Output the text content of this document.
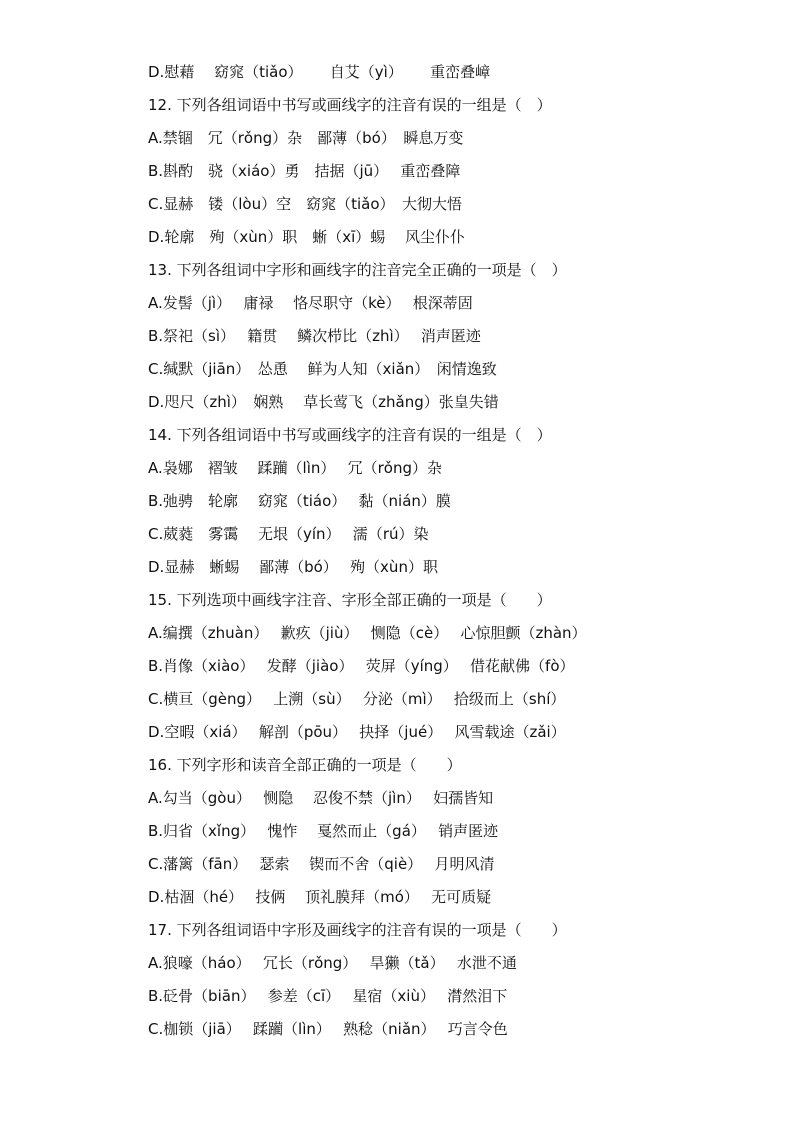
D.慰藉　 窈窕（tiǎo）　　 自艾（yì）　　 重峦叠嶂
12. 下列各组词语中书写或画线字的注音有误的一组是（　）
A.禁锢　冗（rǒng）杂　鄙薄（bó）　瞬息万变
B.斟酌　骁（xiáo）勇　拮据（jū）　 重峦叠障
C.显赫　镂（lòu）空　窈窕（tiǎo）　大彻大悟
D.轮廓　殉（xùn）职　蜥（xī）蜴　 风尘仆仆
13. 下列各组词中字形和画线字的注音完全正确的一项是（　）
A.发髻（jì）　 庸禄　 恪尽职守（kè）　 根深蒂固
B.祭祀（sì）　 籍贯　 鳞次栉比（zhì）　 消声匿迹
C.缄默（jiān）　怂恿　 鲜为人知（xiǎn）　闲情逸致
D.咫尺（zhì）　娴熟　 草长莺飞（zhǎng）张皇失错
14. 下列各组词语中书写或画线字的注音有误的一组是（　）
A.袅娜　褶皱　 蹂躏（lìn）　 冗（rǒng）杂
B.弛骋　轮廓　 窈窕（tiáo）　 黏（nián）膜
C.葳蕤　雾霭　 无垠（yín）　 濡（rú）染
D.显赫　蜥蜴　 鄙薄（bó）　 殉（xùn）职
15. 下列选项中画线字注音、字形全部正确的一项是（　　）
A.编撰（zhuàn）　 歉疚（jiù）　 恻隐（cè）　 心惊胆颤（zhàn）
B.肖像（xiào）　 发酵（jiào）　 荧屏（yíng）　 借花献佛（fò）
C.横亘（gèng）　 上溯（sù）　 分泌（mì）　 拾级而上（shí）
D.空暇（xiá）　 解剖（pōu）　 抉择（jué）　 风雪载途（zǎi）
16. 下列字形和读音全部正确的一项是（　　）
A.勾当（gòu）　 恻隐　 忍俊不禁（jìn）　 妇孺皆知
B.归省（xǐng）　 愧怍　 戛然而止（gá）　 销声匿迹
C.藩篱（fān）　 瑟索　 锲而不舍（qiè）　 月明风清
D.枯涸（hé）　 技俩　 顶礼膜拜（mó）　 无可质疑
17. 下列各组词语中字形及画线字的注音有误的一项是（　　）
A.狼嚎（háo）　 冗长（rǒng）　 旱獭（tǎ）　 水泄不通
B.砭骨（biān）　 参差（cī）　 星宿（xiù）　 潸然泪下
C.枷锁（jiā）　 蹂躏（lìn）　 熟稔（niǎn）　 巧言令色
